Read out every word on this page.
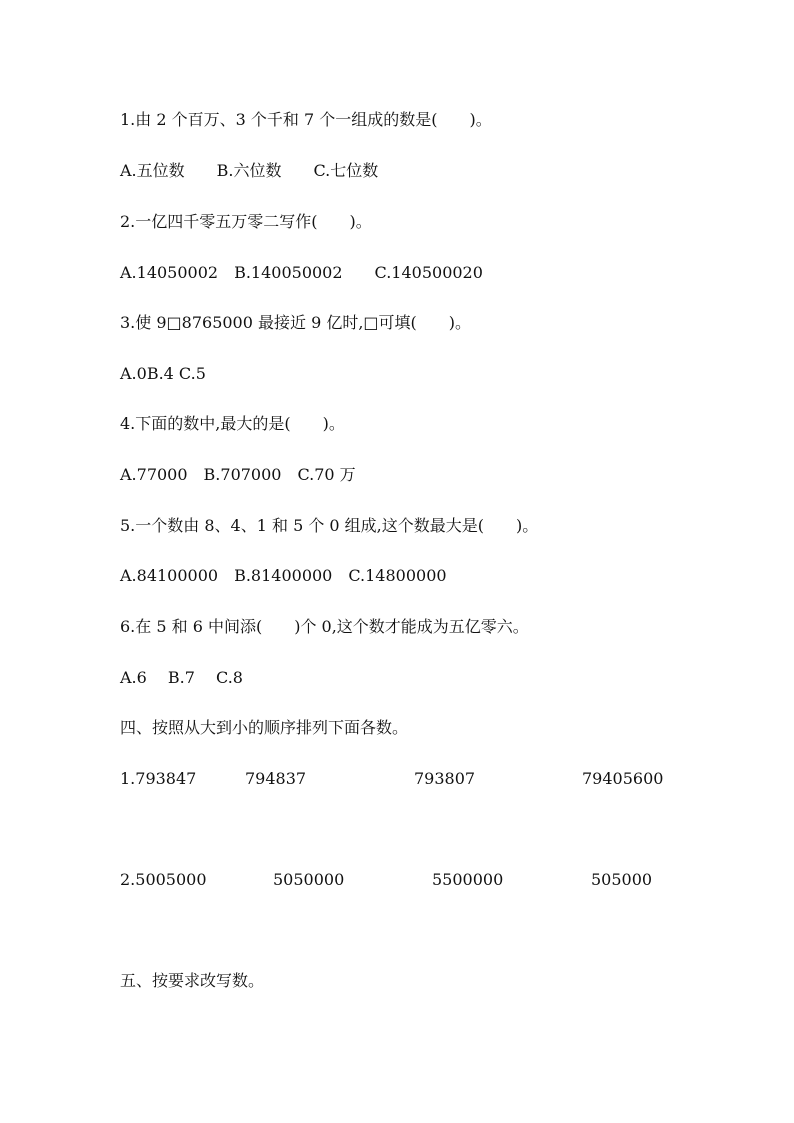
1.由 2 个百万、3 个千和 7 个一组成的数是(　　)。
A.五位数　　B.六位数　　C.七位数
2.一亿四千零五万零二写作(　　)。
A.14050002　B.140050002　　C.140500020
3.使 9□8765000 最接近 9 亿时,□可填(　　)。
A.0B.4 C.5
4.下面的数中,最大的是(　　)。
A.77000　B.707000　C.70 万
5.一个数由 8、4、1 和 5 个 0 组成,这个数最大是(　　)。
A.84100000　B.81400000　C.14800000
6.在 5 和 6 中间添(　　)个 0,这个数才能成为五亿零六。
A.6　 B.7　 C.8
四、按照从大到小的顺序排列下面各数。
1.793847	794837	793807	79405600
2.5005000	5050000	5500000	505000
五、按要求改写数。
